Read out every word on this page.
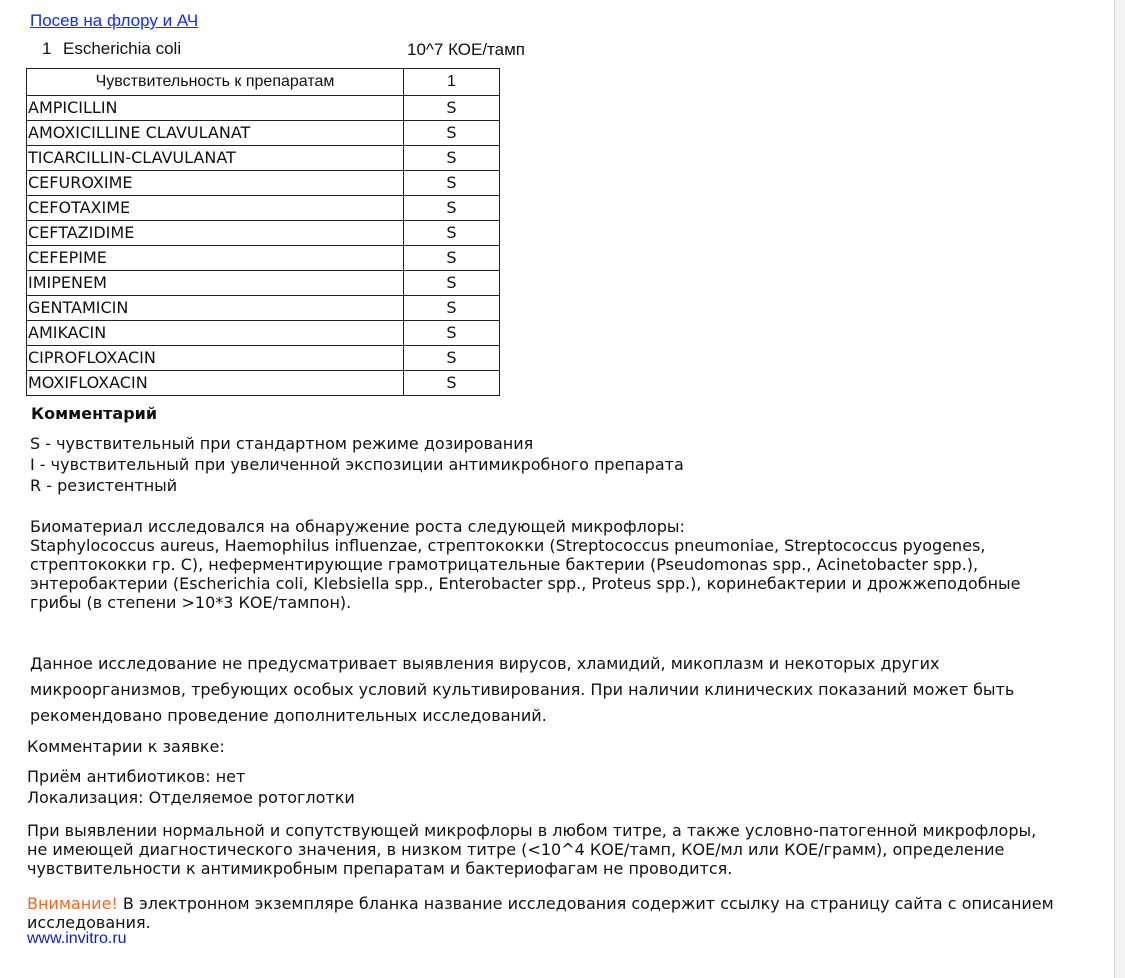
Посев на флору и АЧ
1 Escherichia coli	10^7 КОЕ/тамп
Чувствительность к препаратам	1
AMPICILLIN	S
AMOXICILLINE CLAVULANAT	S
TICARCILLIN-CLAVULANAT	S
CEFUROXIME	S
CEFOTAXIME	S
CEFTAZIDIME	S
CEFEPIME	S
IMIPENEM	S
GENTAMICIN	S
AMIKACIN	S
CIPROFLOXACIN	S
MOXIFLOXACIN	S
Комментарий
S - чувствительный при стандартном режиме дозирования
I - чувствительный при увеличенной экспозиции антимикробного препарата
R - резистентный
Биоматериал исследовался на обнаружение роста следующей микрофлоры:
Staphylococcus aureus, Haemophilus influenzae, стрептококки (Streptococcus pneumoniae, Streptococcus pyogenes,
стрептококки гр. С), неферментирующие грамотрицательные бактерии (Pseudomonas spp., Acinetobacter spp.),
энтеробактерии (Escherichia coli, Klebsiella spp., Enterobacter spp., Proteus spp.), коринебактерии и дрожжеподобные
грибы (в степени >10*3 КОЕ/тампон).
Данное исследование не предусматривает выявления вирусов, хламидий, микоплазм и некоторых других
микроорганизмов, требующих особых условий культивирования. При наличии клинических показаний может быть
рекомендовано проведение дополнительных исследований.
Комментарии к заявке:
Приём антибиотиков: нет
Локализация: Отделяемое ротоглотки
При выявлении нормальной и сопутствующей микрофлоры в любом титре, а также условно-патогенной микрофлоры,
не имеющей диагностического значения, в низком титре (<10^4 КОЕ/тамп, КОЕ/мл или КОЕ/грамм), определение
чувствительности к антимикробным препаратам и бактериофагам не проводится.
Внимание! В электронном экземпляре бланка название исследования содержит ссылку на страницу сайта с описанием
исследования.
www.invitro.ru
